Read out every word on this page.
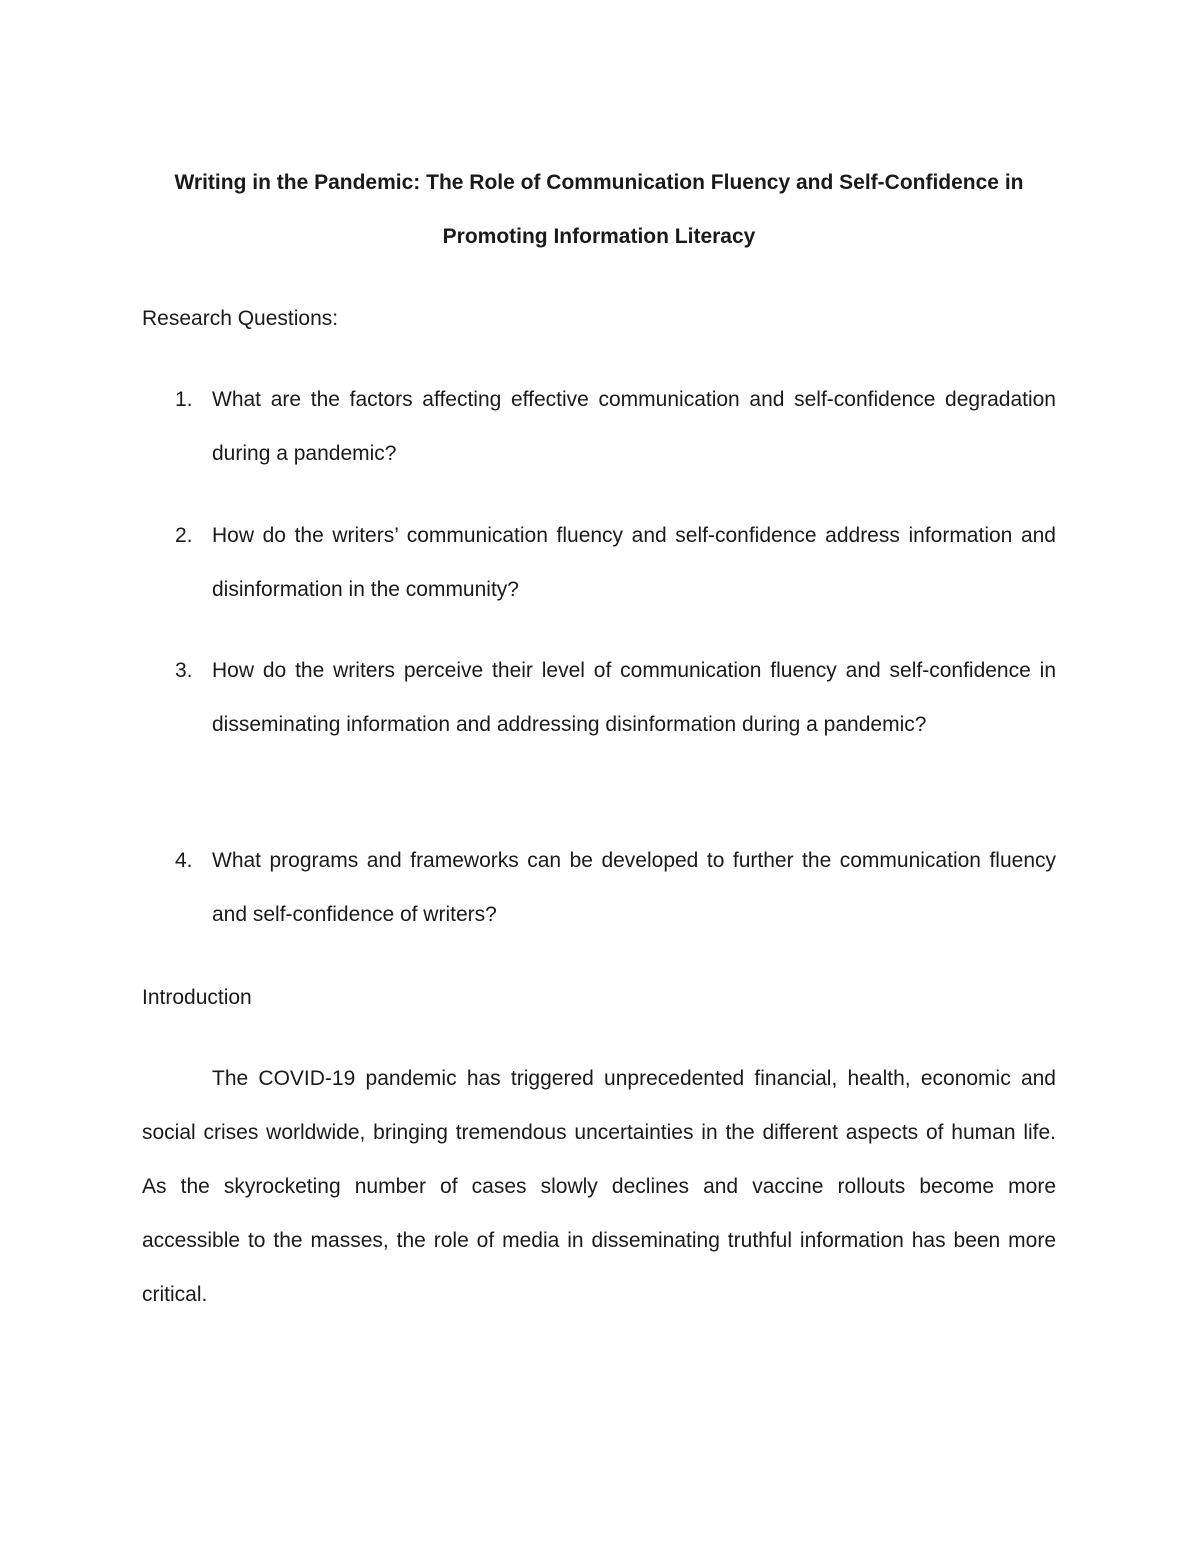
Writing in the Pandemic: The Role of Communication Fluency and Self-Confidence in Promoting Information Literacy

Research Questions:

1. What are the factors affecting effective communication and self-confidence degradation during a pandemic?
2. How do the writers’ communication fluency and self-confidence address information and disinformation in the community?
3. How do the writers perceive their level of communication fluency and self-confidence in disseminating information and addressing disinformation during a pandemic?
4. What programs and frameworks can be developed to further the communication fluency and self-confidence of writers?

Introduction

The COVID-19 pandemic has triggered unprecedented financial, health, economic and social crises worldwide, bringing tremendous uncertainties in the different aspects of human life. As the skyrocketing number of cases slowly declines and vaccine rollouts become more accessible to the masses, the role of media in disseminating truthful information has been more critical.
